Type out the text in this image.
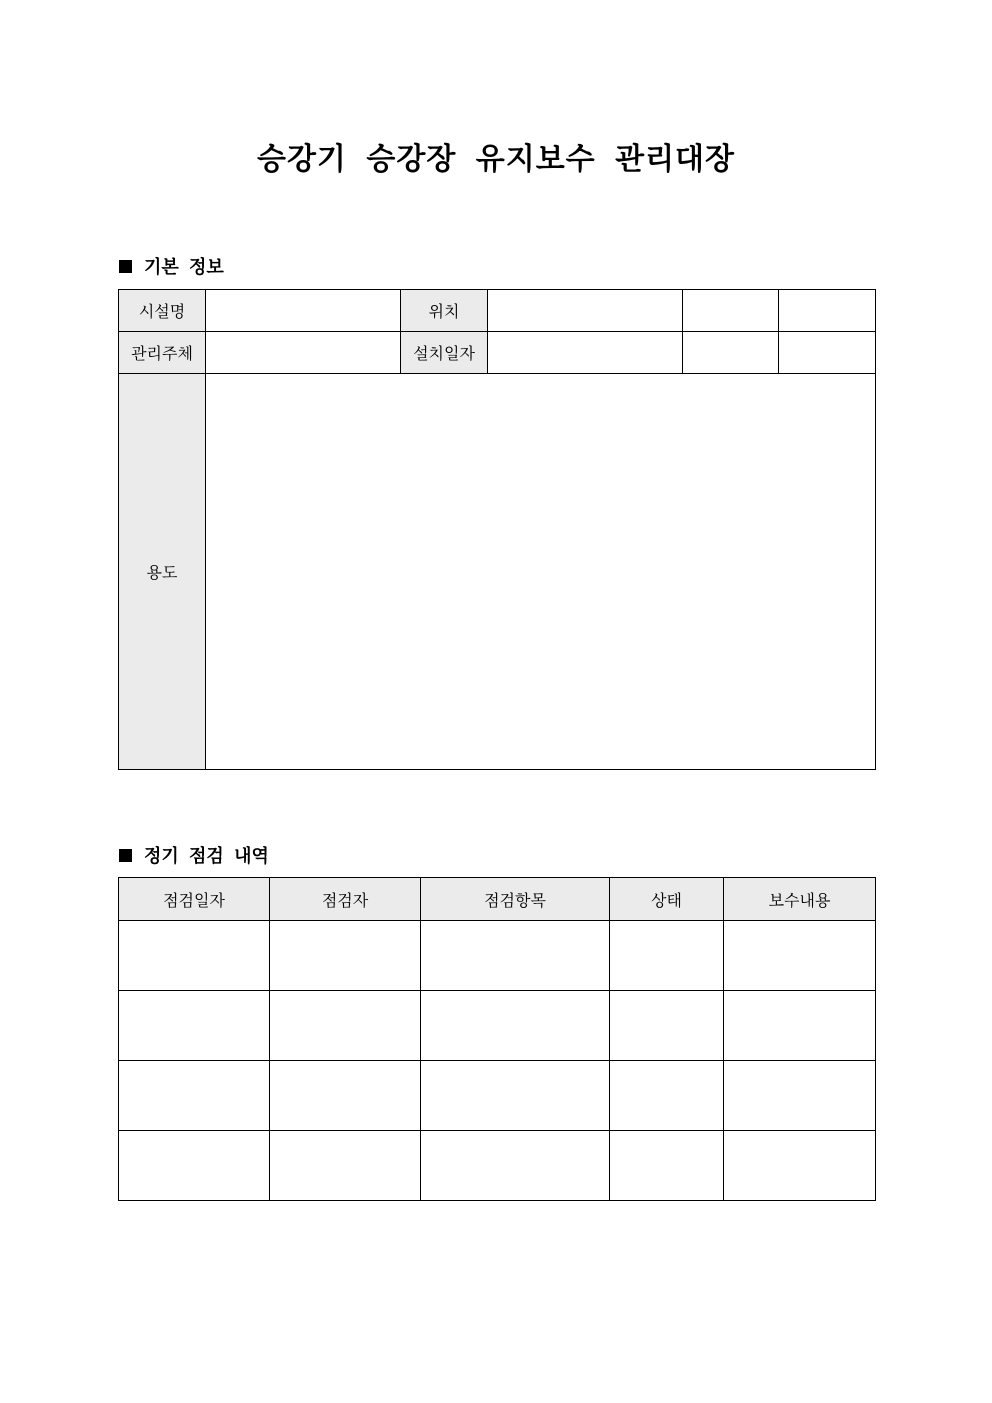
승강기 승강장 유지보수 관리대장
기본 정보
시설명		위치			
관리주체		설치일자			
용도					
정기 점검 내역
점검일자	점검자	점검항목	상태	보수내용
